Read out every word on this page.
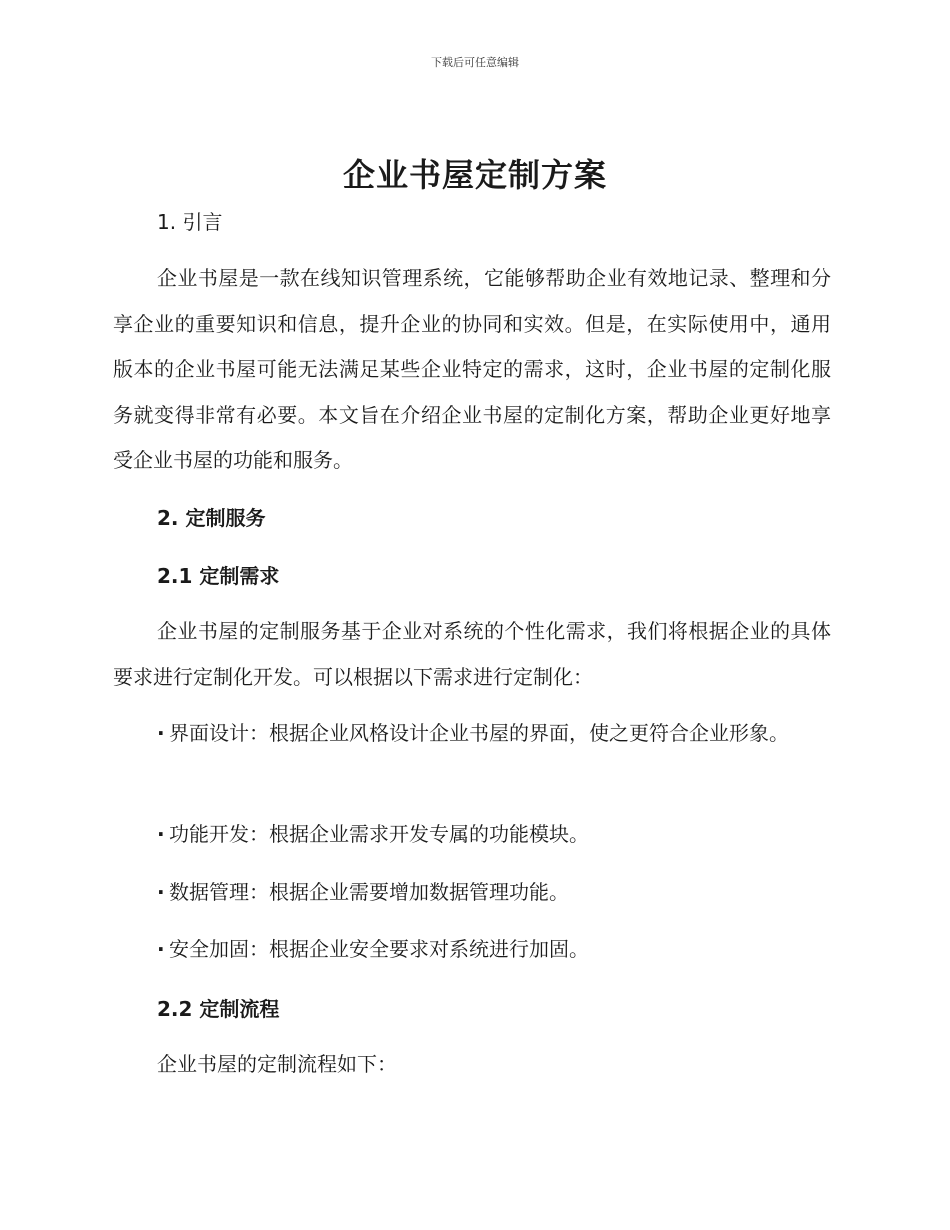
下载后可任意编辑
企业书屋定制方案
1. 引言

企业书屋是一款在线知识管理系统，它能够帮助企业有效地记录、整理和分享企业的重要知识和信息，提升企业的协同和实效。但是，在实际使用中，通用版本的企业书屋可能无法满足某些企业特定的需求，这时，企业书屋的定制化服务就变得非常有必要。本文旨在介绍企业书屋的定制化方案，帮助企业更好地享受企业书屋的功能和服务。

2. 定制服务
2.1 定制需求

企业书屋的定制服务基于企业对系统的个性化需求，我们将根据企业的具体要求进行定制化开发。可以根据以下需求进行定制化：

· 界面设计：根据企业风格设计企业书屋的界面，使之更符合企业形象。

· 功能开发：根据企业需求开发专属的功能模块。

· 数据管理：根据企业需要增加数据管理功能。

· 安全加固：根据企业安全要求对系统进行加固。

2.2 定制流程

企业书屋的定制流程如下：
